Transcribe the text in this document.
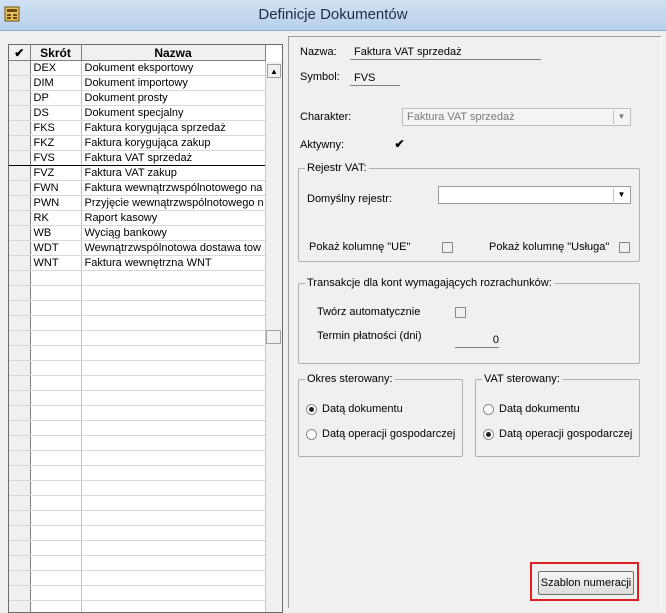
Definicje Dokumentów
✔	Skrót	Nazwa
	DEX	Dokument eksportowy
	DIM	Dokument importowy
	DP	Dokument prosty
	DS	Dokument specjalny
	FKS	Faktura korygująca sprzedaż
	FKZ	Faktura korygująca zakup
	FVS	Faktura VAT sprzedaż
	FVZ	Faktura VAT zakup
	FWN	Faktura wewnątrzwspólnotowego na
	PWN	Przyjęcie wewnątrzwspólnotowego n
	RK	Raport kasowy
	WB	Wyciąg bankowy
	WDT	Wewnątrzwspólnotowa dostawa tow
	WNT	Faktura wewnętrzna WNT

▲
Nazwa: Faktura VAT sprzedaż
Symbol: FVS
Charakter:	Faktura VAT sprzedaż	▼
Aktywny:	✔
Rejestr VAT:
Domyślny rejestr:	▼
Pokaż kolumnę "UE"	Pokaż kolumnę "Usługa"
Transakcje dla kont wymagających rozrachunków:
Twórz automatycznie
Termin płatności (dni)	0
Okres sterowany:
Datą dokumentu
Datą operacji gospodarczej
VAT sterowany:
Datą dokumentu
Datą operacji gospodarczej
Szablon numeracji
